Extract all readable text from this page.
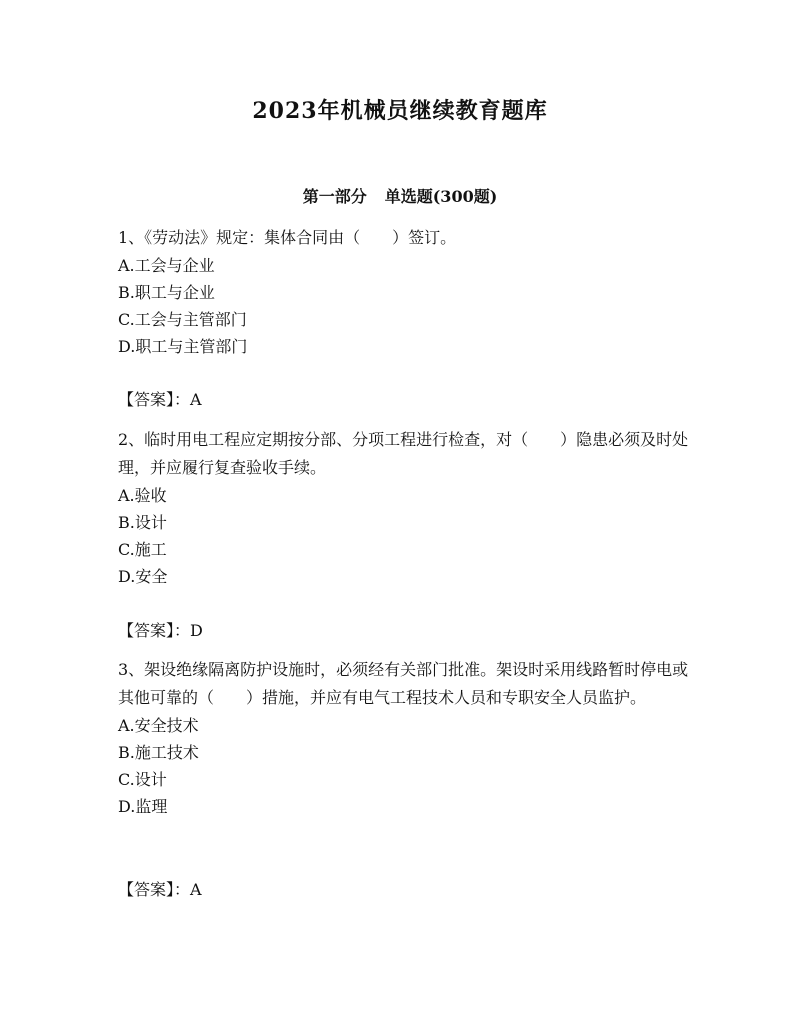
2023年机械员继续教育题库
第一部分 单选题(300题)

1、《劳动法》规定：集体合同由（　　）签订。

A.工会与企业

B.职工与企业

C.工会与主管部门

D.职工与主管部门

【答案】：A

2、临时用电工程应定期按分部、分项工程进行检查，对（　　）隐患必须及时处理，并应履行复查验收手续。

A.验收

B.设计

C.施工

D.安全

【答案】：D

3、架设绝缘隔离防护设施时，必须经有关部门批准。架设时采用线路暂时停电或其他可靠的（　　）措施，并应有电气工程技术人员和专职安全人员监护。

A.安全技术

B.施工技术

C.设计

D.监理

【答案】：A
